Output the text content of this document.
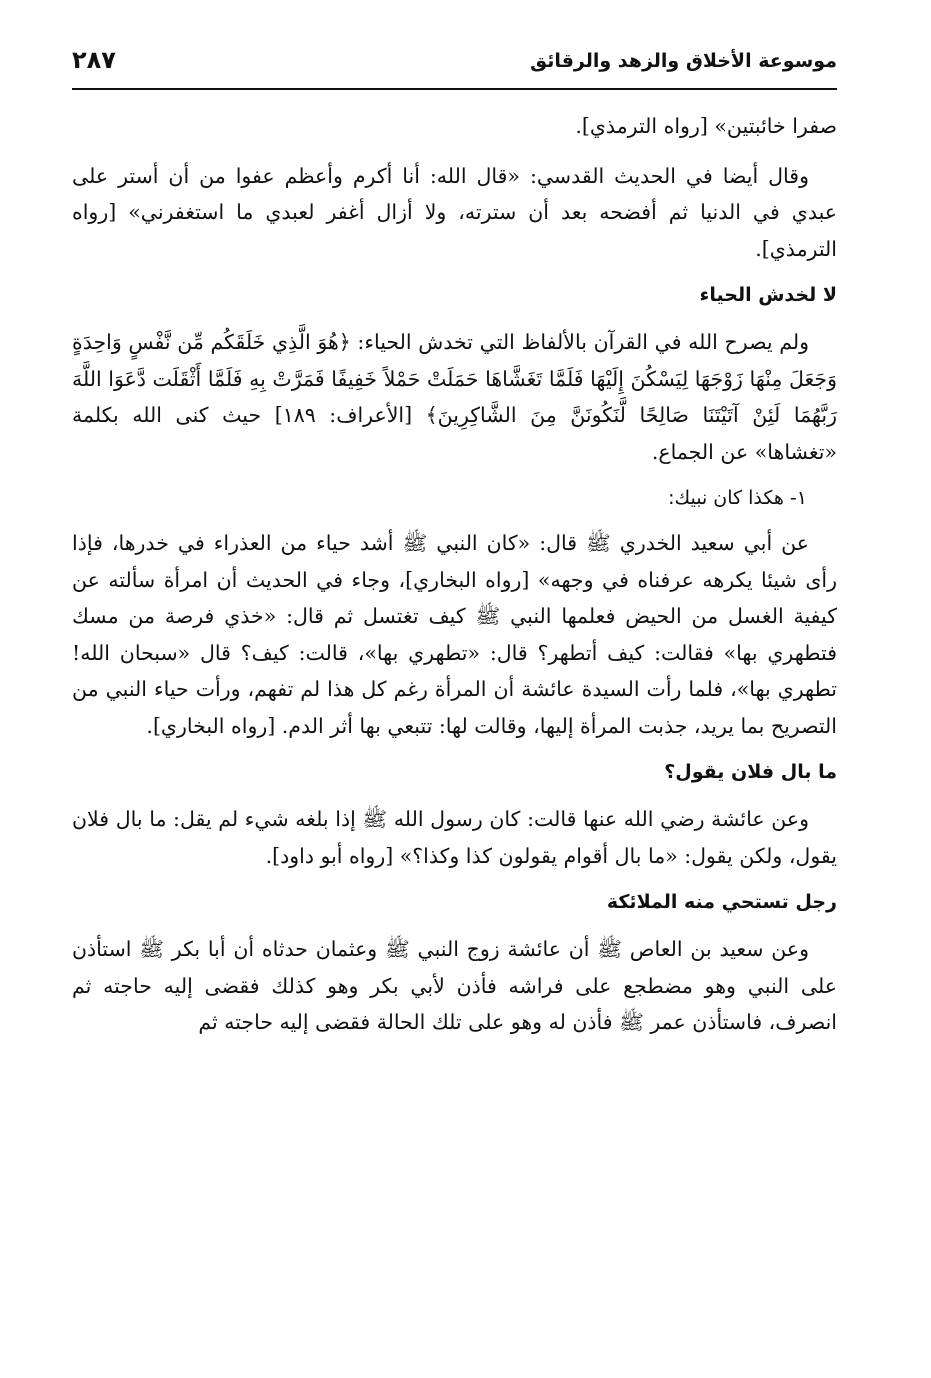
موسوعة الأخلاق والزهد والرقائق
٢٨٧

صفرا خائبتين» [رواه الترمذي].

وقال أيضا في الحديث القدسي: «قال الله: أنا أكرم وأعظم عفوا من أن أستر على عبدي في الدنيا ثم أفضحه بعد أن سترته، ولا أزال أغفر لعبدي ما استغفرني» [رواه الترمذي].

لا لخدش الحياء

ولم يصرح الله في القرآن بالألفاظ التي تخدش الحياء: ﴿هُوَ الَّذِي خَلَقَكُم مِّن نَّفْسٍ وَاحِدَةٍ وَجَعَلَ مِنْهَا زَوْجَهَا لِيَسْكُنَ إِلَيْهَا فَلَمَّا تَغَشَّاهَا حَمَلَتْ حَمْلاً خَفِيفًا فَمَرَّتْ بِهِ فَلَمَّا أَثْقَلَت دَّعَوَا اللَّهَ رَبَّهُمَا لَئِنْ آتَيْتَنَا صَالِحًا لَّنَكُونَنَّ مِنَ الشَّاكِرِينَ﴾ [الأعراف: ١٨٩] حيث كنى الله بكلمة «تغشاها» عن الجماع.

١- هكذا كان نبيك:

عن أبي سعيد الخدري ﷺ قال: «كان النبي ﷺ أشد حياء من العذراء في خدرها، فإذا رأى شيئا يكرهه عرفناه في وجهه» [رواه البخاري]، وجاء في الحديث أن امرأة سألته عن كيفية الغسل من الحيض فعلمها النبي ﷺ كيف تغتسل ثم قال: «خذي فرصة من مسك فتطهري بها» فقالت: كيف أتطهر؟ قال: «تطهري بها»، قالت: كيف؟ قال «سبحان الله! تطهري بها»، فلما رأت السيدة عائشة أن المرأة رغم كل هذا لم تفهم، ورأت حياء النبي من التصريح بما يريد، جذبت المرأة إليها، وقالت لها: تتبعي بها أثر الدم. [رواه البخاري].

ما بال فلان يقول؟

وعن عائشة رضي الله عنها قالت: كان رسول الله ﷺ إذا بلغه شيء لم يقل: ما بال فلان يقول، ولكن يقول: «ما بال أقوام يقولون كذا وكذا؟» [رواه أبو داود].

رجل تستحي منه الملائكة

وعن سعيد بن العاص ﷺ أن عائشة زوج النبي ﷺ وعثمان حدثاه أن أبا بكر ﷺ استأذن على النبي وهو مضطجع على فراشه فأذن لأبي بكر وهو كذلك فقضى إليه حاجته ثم انصرف، فاستأذن عمر ﷺ فأذن له وهو على تلك الحالة فقضى إليه حاجته ثم
